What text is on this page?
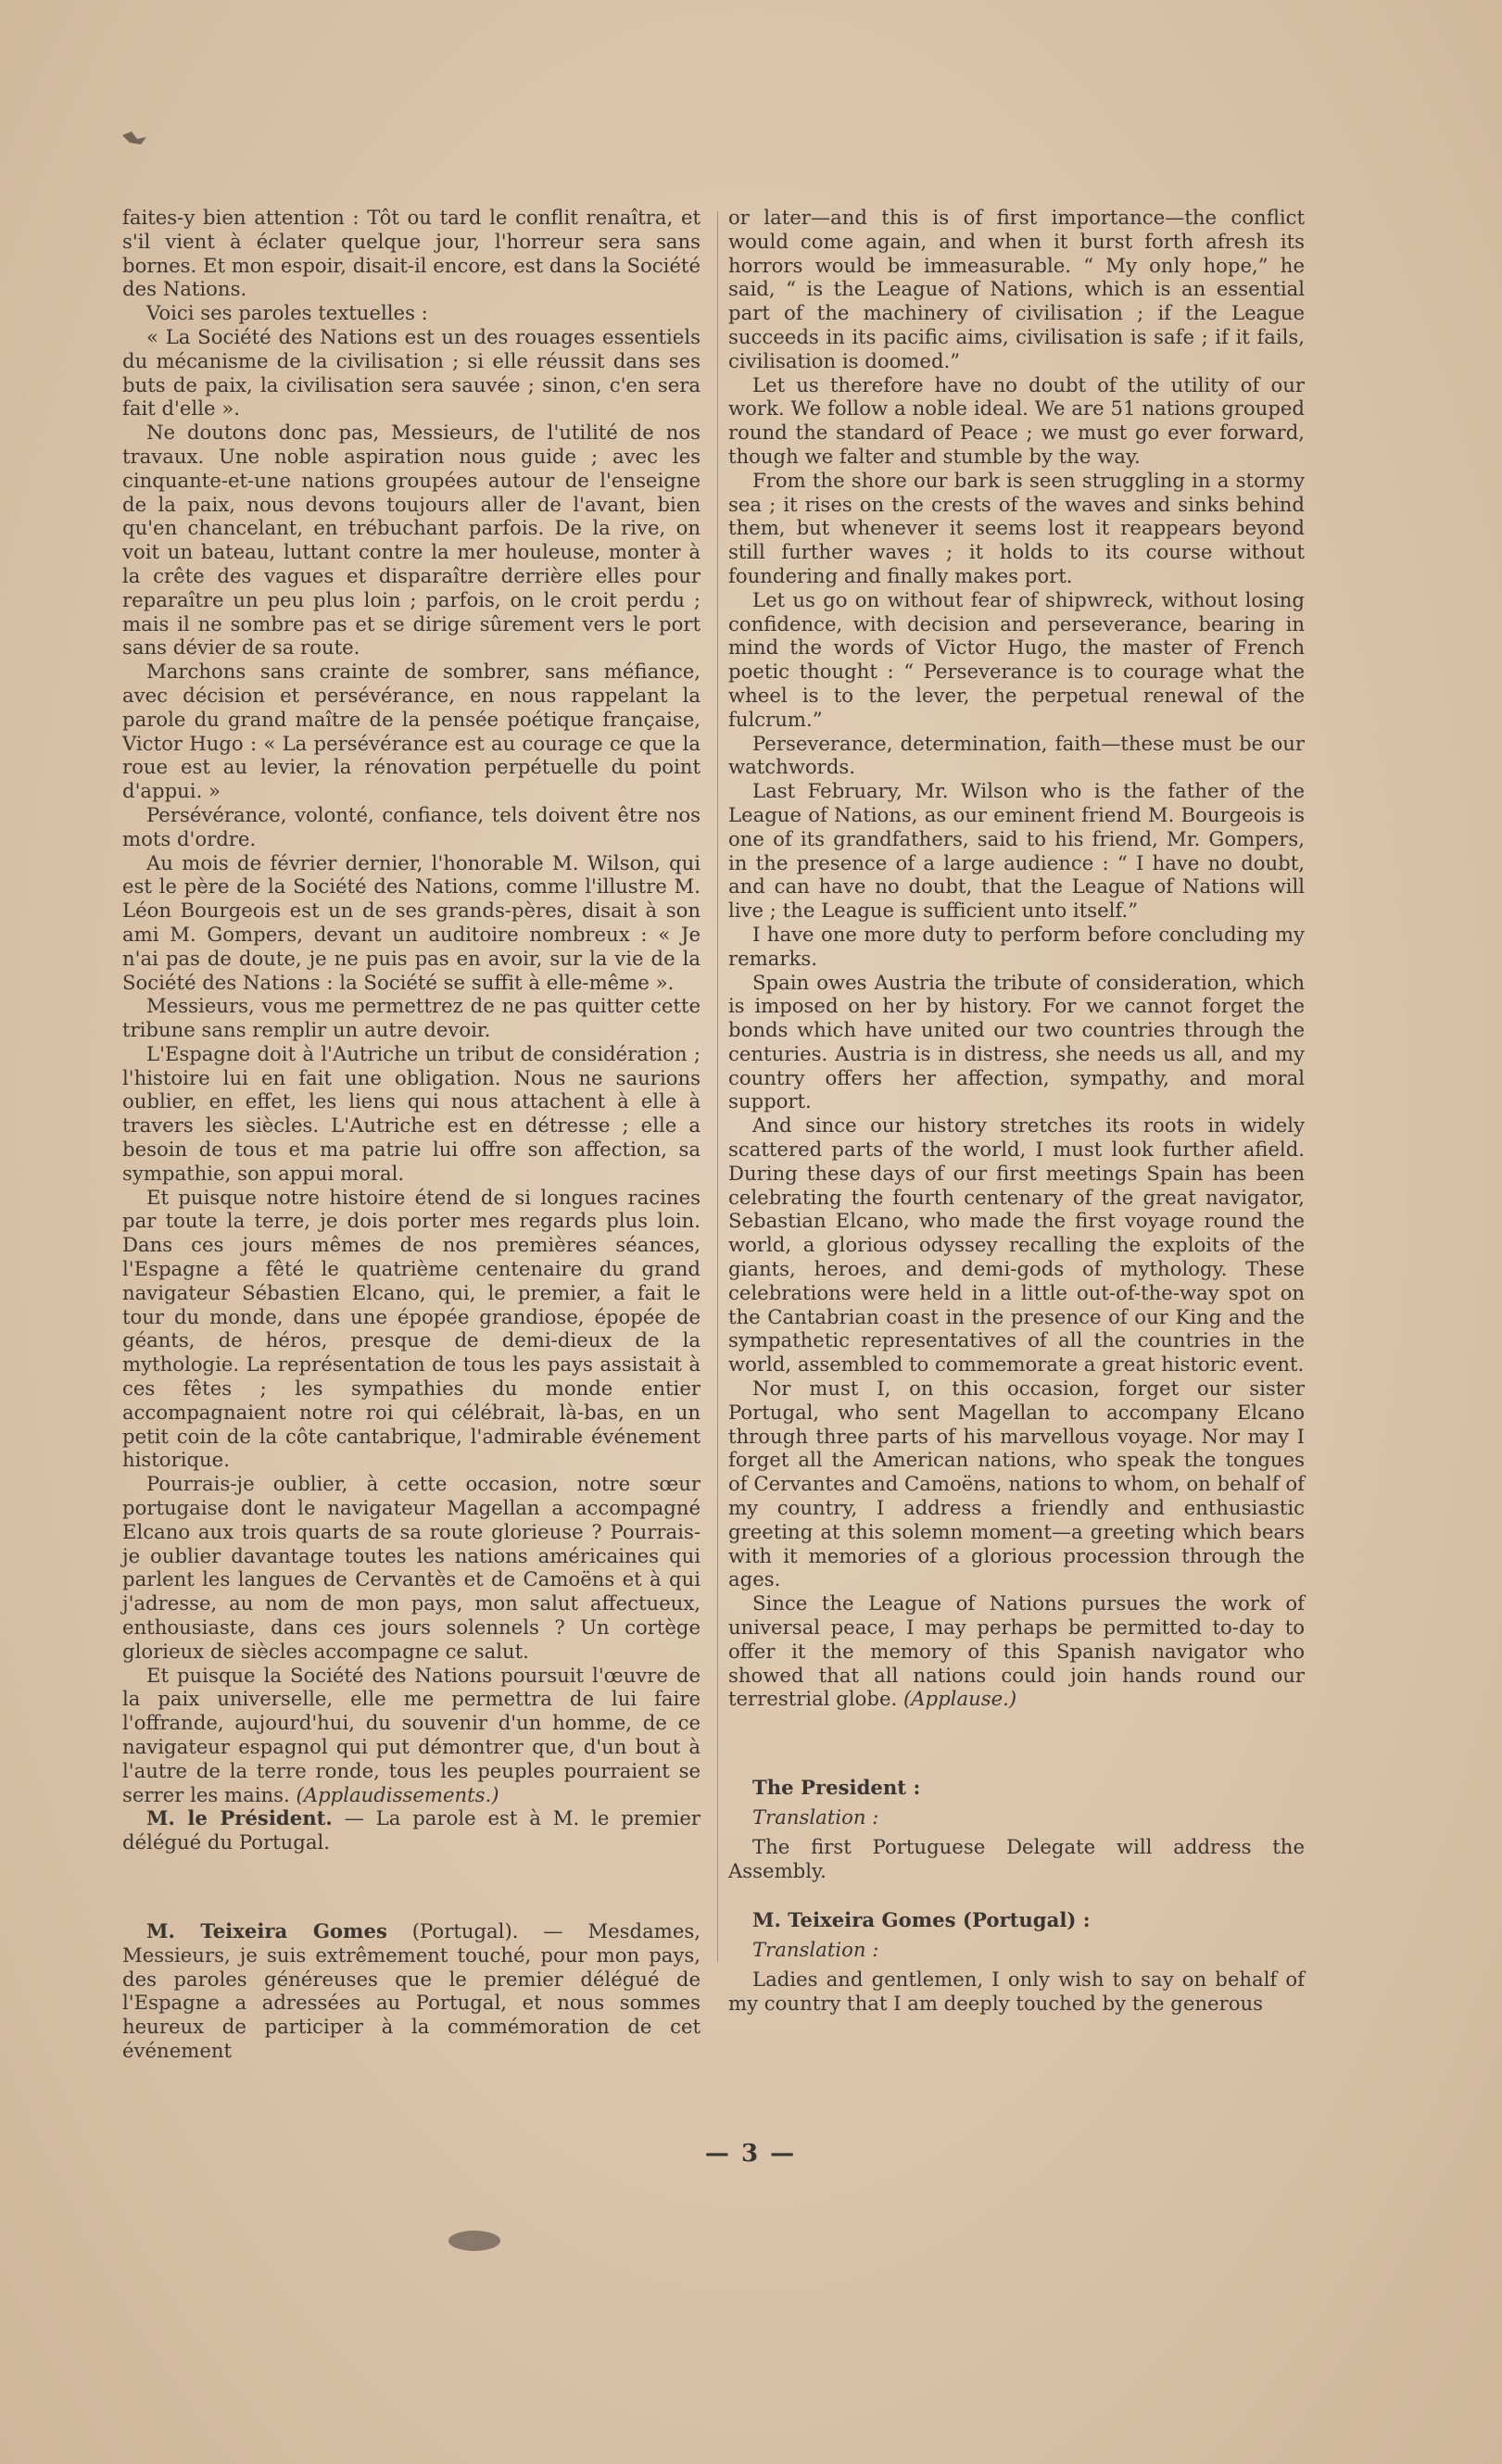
faites-y bien attention : Tôt ou tard le conflit renaîtra, et s'il vient à éclater quelque jour, l'horreur sera sans bornes. Et mon espoir, disait-il encore, est dans la Société des Nations.

Voici ses paroles textuelles :

« La Société des Nations est un des rouages essentiels du mécanisme de la civilisation ; si elle réussit dans ses buts de paix, la civilisation sera sauvée ; sinon, c'en sera fait d'elle ».

Ne doutons donc pas, Messieurs, de l'utilité de nos travaux. Une noble aspiration nous guide ; avec les cinquante-et-une nations groupées autour de l'enseigne de la paix, nous devons toujours aller de l'avant, bien qu'en chancelant, en trébuchant parfois. De la rive, on voit un bateau, luttant contre la mer houleuse, monter à la crête des vagues et disparaître derrière elles pour reparaître un peu plus loin ; parfois, on le croit perdu ; mais il ne sombre pas et se dirige sûrement vers le port sans dévier de sa route.

Marchons sans crainte de sombrer, sans méfiance, avec décision et persévérance, en nous rappelant la parole du grand maître de la pensée poétique française, Victor Hugo : « La persévérance est au courage ce que la roue est au levier, la rénovation perpétuelle du point d'appui. »

Persévérance, volonté, confiance, tels doivent être nos mots d'ordre.

Au mois de février dernier, l'honorable M. Wilson, qui est le père de la Société des Nations, comme l'illustre M. Léon Bourgeois est un de ses grands-pères, disait à son ami M. Gompers, devant un auditoire nombreux : « Je n'ai pas de doute, je ne puis pas en avoir, sur la vie de la Société des Nations : la Société se suffit à elle-même ».

Messieurs, vous me permettrez de ne pas quitter cette tribune sans remplir un autre devoir.

L'Espagne doit à l'Autriche un tribut de considération ; l'histoire lui en fait une obligation. Nous ne saurions oublier, en effet, les liens qui nous attachent à elle à travers les siècles. L'Autriche est en détresse ; elle a besoin de tous et ma patrie lui offre son affection, sa sympathie, son appui moral.

Et puisque notre histoire étend de si longues racines par toute la terre, je dois porter mes regards plus loin. Dans ces jours mêmes de nos premières séances, l'Espagne a fêté le quatrième centenaire du grand navigateur Sébastien Elcano, qui, le premier, a fait le tour du monde, dans une épopée grandiose, épopée de géants, de héros, presque de demi-dieux de la mythologie. La représentation de tous les pays assistait à ces fêtes ; les sympathies du monde entier accompagnaient notre roi qui célébrait, là-bas, en un petit coin de la côte cantabrique, l'admirable événement historique.

Pourrais-je oublier, à cette occasion, notre sœur portugaise dont le navigateur Magellan a accompagné Elcano aux trois quarts de sa route glorieuse ? Pourrais-je oublier davantage toutes les nations américaines qui parlent les langues de Cervantès et de Camoëns et à qui j'adresse, au nom de mon pays, mon salut affectueux, enthousiaste, dans ces jours solennels ? Un cortège glorieux de siècles accompagne ce salut.

Et puisque la Société des Nations poursuit l'œuvre de la paix universelle, elle me permettra de lui faire l'offrande, aujourd'hui, du souvenir d'un homme, de ce navigateur espagnol qui put démontrer que, d'un bout à l'autre de la terre ronde, tous les peuples pourraient se serrer les mains. (Applaudissements.)

M. le Président. — La parole est à M. le premier délégué du Portugal.

M. Teixeira Gomes (Portugal). — Mesdames, Messieurs, je suis extrêmement touché, pour mon pays, des paroles généreuses que le premier délégué de l'Espagne a adressées au Portugal, et nous sommes heureux de participer à la commémoration de cet événement

or later—and this is of first importance—the conflict would come again, and when it burst forth afresh its horrors would be immeasurable. “ My only hope,” he said, “ is the League of Nations, which is an essential part of the machinery of civilisation ; if the League succeeds in its pacific aims, civilisation is safe ; if it fails, civilisation is doomed.”

Let us therefore have no doubt of the utility of our work. We follow a noble ideal. We are 51 nations grouped round the standard of Peace ; we must go ever forward, though we falter and stumble by the way.

From the shore our bark is seen struggling in a stormy sea ; it rises on the crests of the waves and sinks behind them, but whenever it seems lost it reappears beyond still further waves ; it holds to its course without foundering and finally makes port.

Let us go on without fear of shipwreck, without losing confidence, with decision and perseverance, bearing in mind the words of Victor Hugo, the master of French poetic thought : “ Perseverance is to courage what the wheel is to the lever, the perpetual renewal of the fulcrum.”

Perseverance, determination, faith—these must be our watchwords.

Last February, Mr. Wilson who is the father of the League of Nations, as our eminent friend M. Bourgeois is one of its grandfathers, said to his friend, Mr. Gompers, in the presence of a large audience : “ I have no doubt, and can have no doubt, that the League of Nations will live ; the League is sufficient unto itself.”

I have one more duty to perform before concluding my remarks.

Spain owes Austria the tribute of consideration, which is imposed on her by history. For we cannot forget the bonds which have united our two countries through the centuries. Austria is in distress, she needs us all, and my country offers her affection, sympathy, and moral support.

And since our history stretches its roots in widely scattered parts of the world, I must look further afield. During these days of our first meetings Spain has been celebrating the fourth centenary of the great navigator, Sebastian Elcano, who made the first voyage round the world, a glorious odyssey recalling the exploits of the giants, heroes, and demi-gods of mythology. These celebrations were held in a little out-of-the-way spot on the Cantabrian coast in the presence of our King and the sympathetic representatives of all the countries in the world, assembled to commemorate a great historic event.

Nor must I, on this occasion, forget our sister Portugal, who sent Magellan to accompany Elcano through three parts of his marvellous voyage. Nor may I forget all the American nations, who speak the tongues of Cervantes and Camoëns, nations to whom, on behalf of my country, I address a friendly and enthusiastic greeting at this solemn moment—a greeting which bears with it memories of a glorious procession through the ages.

Since the League of Nations pursues the work of universal peace, I may perhaps be permitted to-day to offer it the memory of this Spanish navigator who showed that all nations could join hands round our terrestrial globe. (Applause.)

The President :
Translation :

The first Portuguese Delegate will address the Assembly.

M. Teixeira Gomes (Portugal) :
Translation :

Ladies and gentlemen, I only wish to say on behalf of my country that I am deeply touched by the generous

— 3 —
